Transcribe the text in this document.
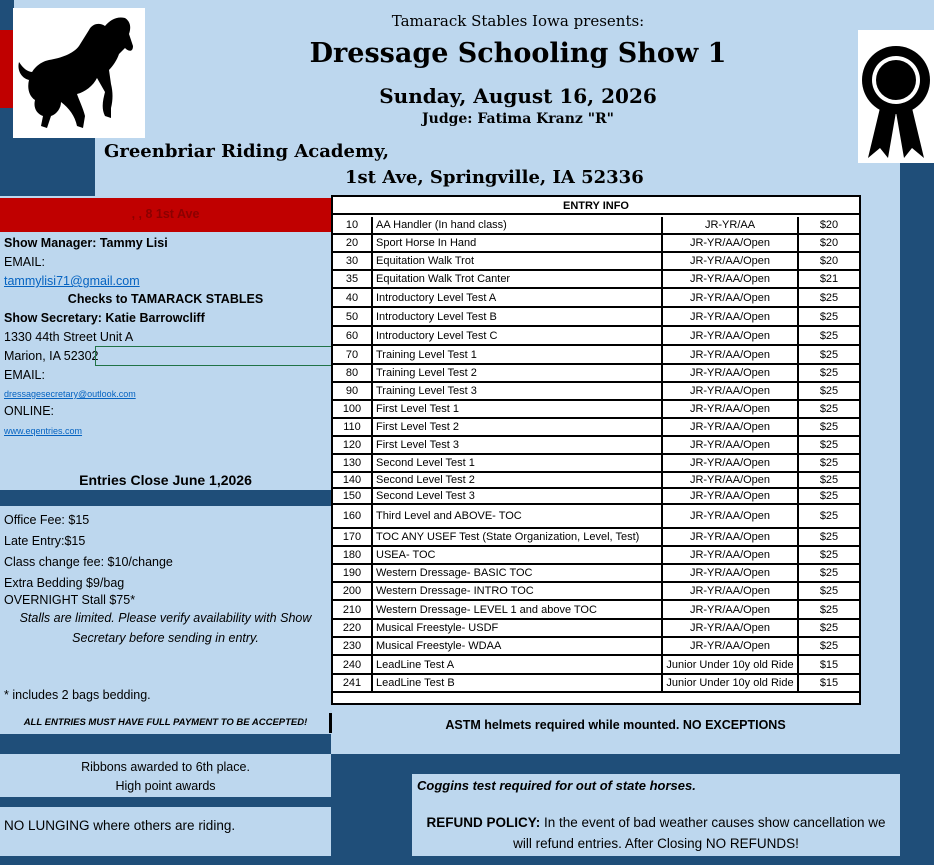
Tamarack Stables Iowa presents:
Dressage Schooling Show 1
Sunday, August 16, 2026
Judge: Fatima Kranz "R"
Greenbriar Riding Academy,
1st Ave, Springville, IA 52336
, , 8 1st Ave
Show Manager: Tammy Lisi
EMAIL:
tammylisi71@gmail.com
Checks to TAMARACK STABLES
Show Secretary: Katie Barrowcliff
1330 44th Street Unit A
Marion, IA 52302
EMAIL:
dressagesecretary@outlook.com
ONLINE:
www.eqentries.com
Entries Close June 1,2026
Office Fee: $15
Late Entry:$15
Class change fee: $10/change
Extra Bedding $9/bag
OVERNIGHT Stall $75*
Stalls are limited. Please verify availability with Show Secretary before sending in entry.
* includes 2 bags bedding.
ALL ENTRIES MUST HAVE FULL PAYMENT TO BE ACCEPTED!
Ribbons awarded to 6th place.
High point awards
NO LUNGING where others are riding.
ENTRY INFO
10	AA Handler (In hand class)	JR-YR/AA	$20
20	Sport Horse In Hand	JR-YR/AA/Open	$20
30	Equitation Walk Trot	JR-YR/AA/Open	$20
35	Equitation Walk Trot Canter	JR-YR/AA/Open	$21
40	Introductory Level Test A	JR-YR/AA/Open	$25
50	Introductory Level Test B	JR-YR/AA/Open	$25
60	Introductory Level Test C	JR-YR/AA/Open	$25
70	Training Level Test 1	JR-YR/AA/Open	$25
80	Training Level Test 2	JR-YR/AA/Open	$25
90	Training Level Test 3	JR-YR/AA/Open	$25
100	First Level Test 1	JR-YR/AA/Open	$25
110	First Level Test 2	JR-YR/AA/Open	$25
120	First Level Test 3	JR-YR/AA/Open	$25
130	Second Level Test 1	JR-YR/AA/Open	$25
140	Second Level Test 2	JR-YR/AA/Open	$25
150	Second Level Test 3	JR-YR/AA/Open	$25
160	Third Level and ABOVE- TOC	JR-YR/AA/Open	$25
170	TOC ANY USEF Test (State Organization, Level, Test)	JR-YR/AA/Open	$25
180	USEA- TOC	JR-YR/AA/Open	$25
190	Western Dressage- BASIC TOC	JR-YR/AA/Open	$25
200	Western Dressage- INTRO TOC	JR-YR/AA/Open	$25
210	Western Dressage- LEVEL 1 and above TOC	JR-YR/AA/Open	$25
220	Musical Freestyle- USDF	JR-YR/AA/Open	$25
230	Musical Freestyle- WDAA	JR-YR/AA/Open	$25
240	LeadLine Test A	Junior Under 10y old Ride	$15
241	LeadLine Test B	Junior Under 10y old Ride	$15
ASTM helmets required while mounted. NO EXCEPTIONS
Coggins test required for out of state horses.
REFUND POLICY: In the event of bad weather causes show cancellation we will refund entries. After Closing NO REFUNDS!
